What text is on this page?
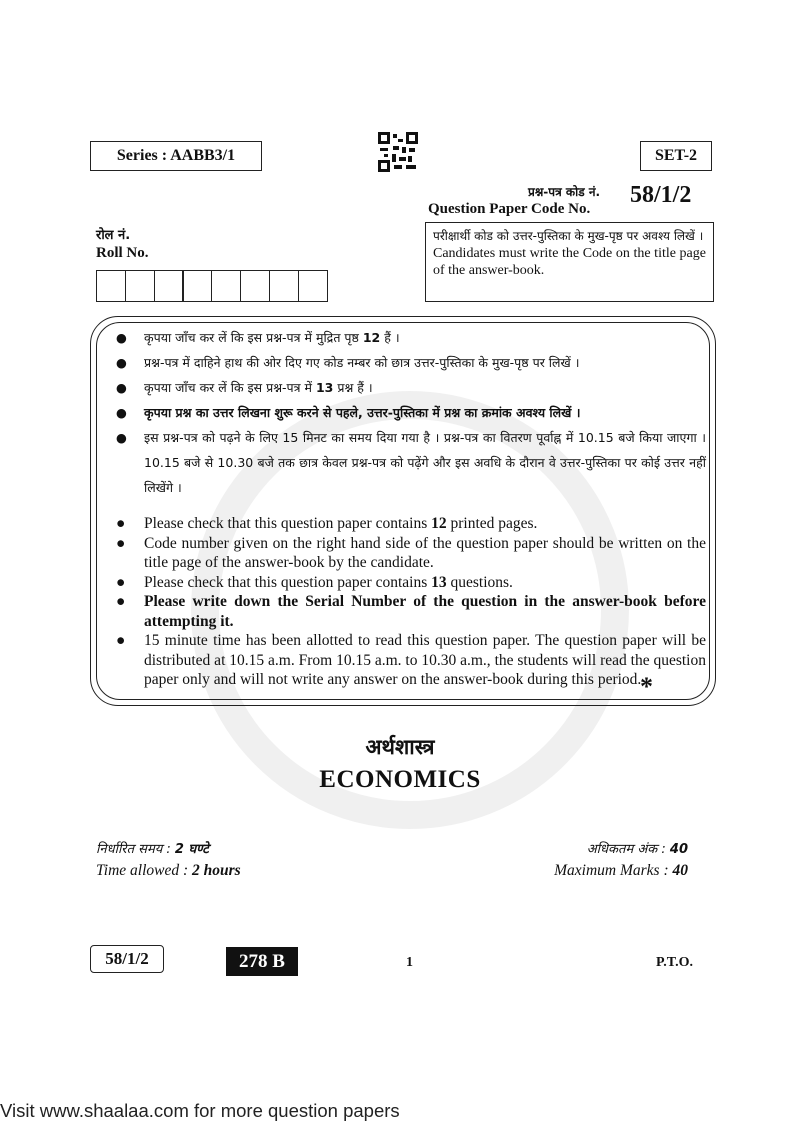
Series : AABB3/1	SET-2
प्रश्न-पत्र कोड नं.
Question Paper Code No.
58/1/2
रोल नं.
Roll No.
परीक्षार्थी कोड को उत्तर-पुस्तिका के मुख-पृष्ठ पर अवश्य लिखें ।
Candidates must write the Code on the title page of the answer-book.
● कृपया जाँच कर लें कि इस प्रश्न-पत्र में मुद्रित पृष्ठ 12 हैं ।
● प्रश्न-पत्र में दाहिने हाथ की ओर दिए गए कोड नम्बर को छात्र उत्तर-पुस्तिका के मुख-पृष्ठ पर लिखें ।
● कृपया जाँच कर लें कि इस प्रश्न-पत्र में 13 प्रश्न हैं ।
● कृपया प्रश्न का उत्तर लिखना शुरू करने से पहले, उत्तर-पुस्तिका में प्रश्न का क्रमांक अवश्य लिखें ।
● इस प्रश्न-पत्र को पढ़ने के लिए 15 मिनट का समय दिया गया है । प्रश्न-पत्र का वितरण पूर्वाह्न में 10.15 बजे किया जाएगा । 10.15 बजे से 10.30 बजे तक छात्र केवल प्रश्न-पत्र को पढ़ेंगे और इस अवधि के दौरान वे उत्तर-पुस्तिका पर कोई उत्तर नहीं लिखेंगे ।
● Please check that this question paper contains 12 printed pages.
● Code number given on the right hand side of the question paper should be written on the title page of the answer-book by the candidate.
● Please check that this question paper contains 13 questions.
● Please write down the Serial Number of the question in the answer-book before attempting it.
● 15 minute time has been allotted to read this question paper. The question paper will be distributed at 10.15 a.m. From 10.15 a.m. to 10.30 a.m., the students will read the question paper only and will not write any answer on the answer-book during this period.
*
अर्थशास्त्र
ECONOMICS
निर्धारित समय : 2 घण्टे
Time allowed : 2 hours
अधिकतम अंक : 40
Maximum Marks : 40
58/1/2	278 B	1	P.T.O.
Visit www.shaalaa.com for more question papers
